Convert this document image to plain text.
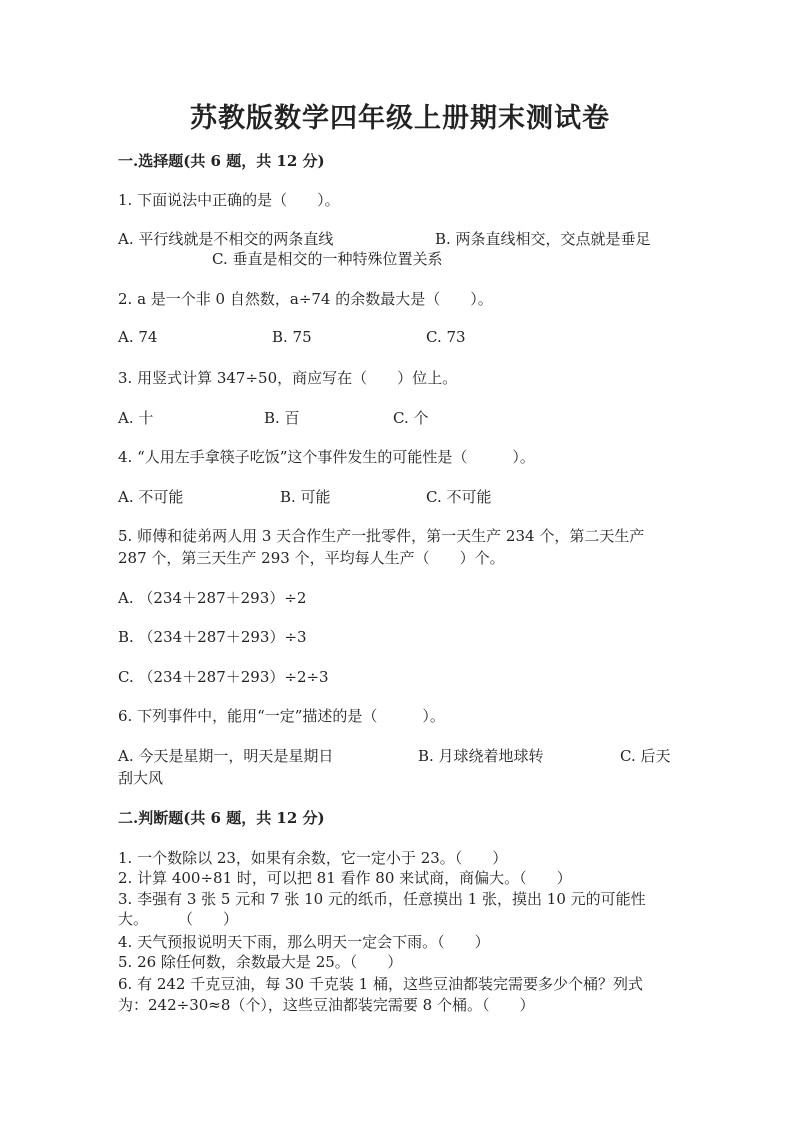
苏教版数学四年级上册期末测试卷
一.选择题(共 6 题，共 12 分)
1. 下面说法中正确的是（　　）。
A. 平行线就是不相交的两条直线	B. 两条直线相交，交点就是垂足
C. 垂直是相交的一种特殊位置关系
2. a 是一个非 0 自然数，a÷74 的余数最大是（　　）。
A. 74	B. 75	C. 73
3. 用竖式计算 347÷50，商应写在（　　）位上。
A. 十	B. 百	C. 个
4. “人用左手拿筷子吃饭”这个事件发生的可能性是（　　　）。
A. 不可能	B. 可能	C. 不可能
5. 师傅和徒弟两人用 3 天合作生产一批零件，第一天生产 234 个，第二天生产
287 个，第三天生产 293 个，平均每人生产（　　）个。
A. （234＋287＋293）÷2
B. （234＋287＋293）÷3
C. （234＋287＋293）÷2÷3
6. 下列事件中，能用“一定”描述的是（　　　）。
A. 今天是星期一，明天是星期日	B. 月球绕着地球转	C. 后天
刮大风
二.判断题(共 6 题，共 12 分)
1. 一个数除以 23，如果有余数，它一定小于 23。（　　）
2. 计算 400÷81 时，可以把 81 看作 80 来试商，商偏大。（　　）
3. 李强有 3 张 5 元和 7 张 10 元的纸币，任意摸出 1 张，摸出 10 元的可能性
大。　　　（　　）
4. 天气预报说明天下雨，那么明天一定会下雨。（　　）
5. 26 除任何数，余数最大是 25。（　　）
6. 有 242 千克豆油，每 30 千克装 1 桶，这些豆油都装完需要多少个桶？列式
为：242÷30≈8（个），这些豆油都装完需要 8 个桶。（　　）
